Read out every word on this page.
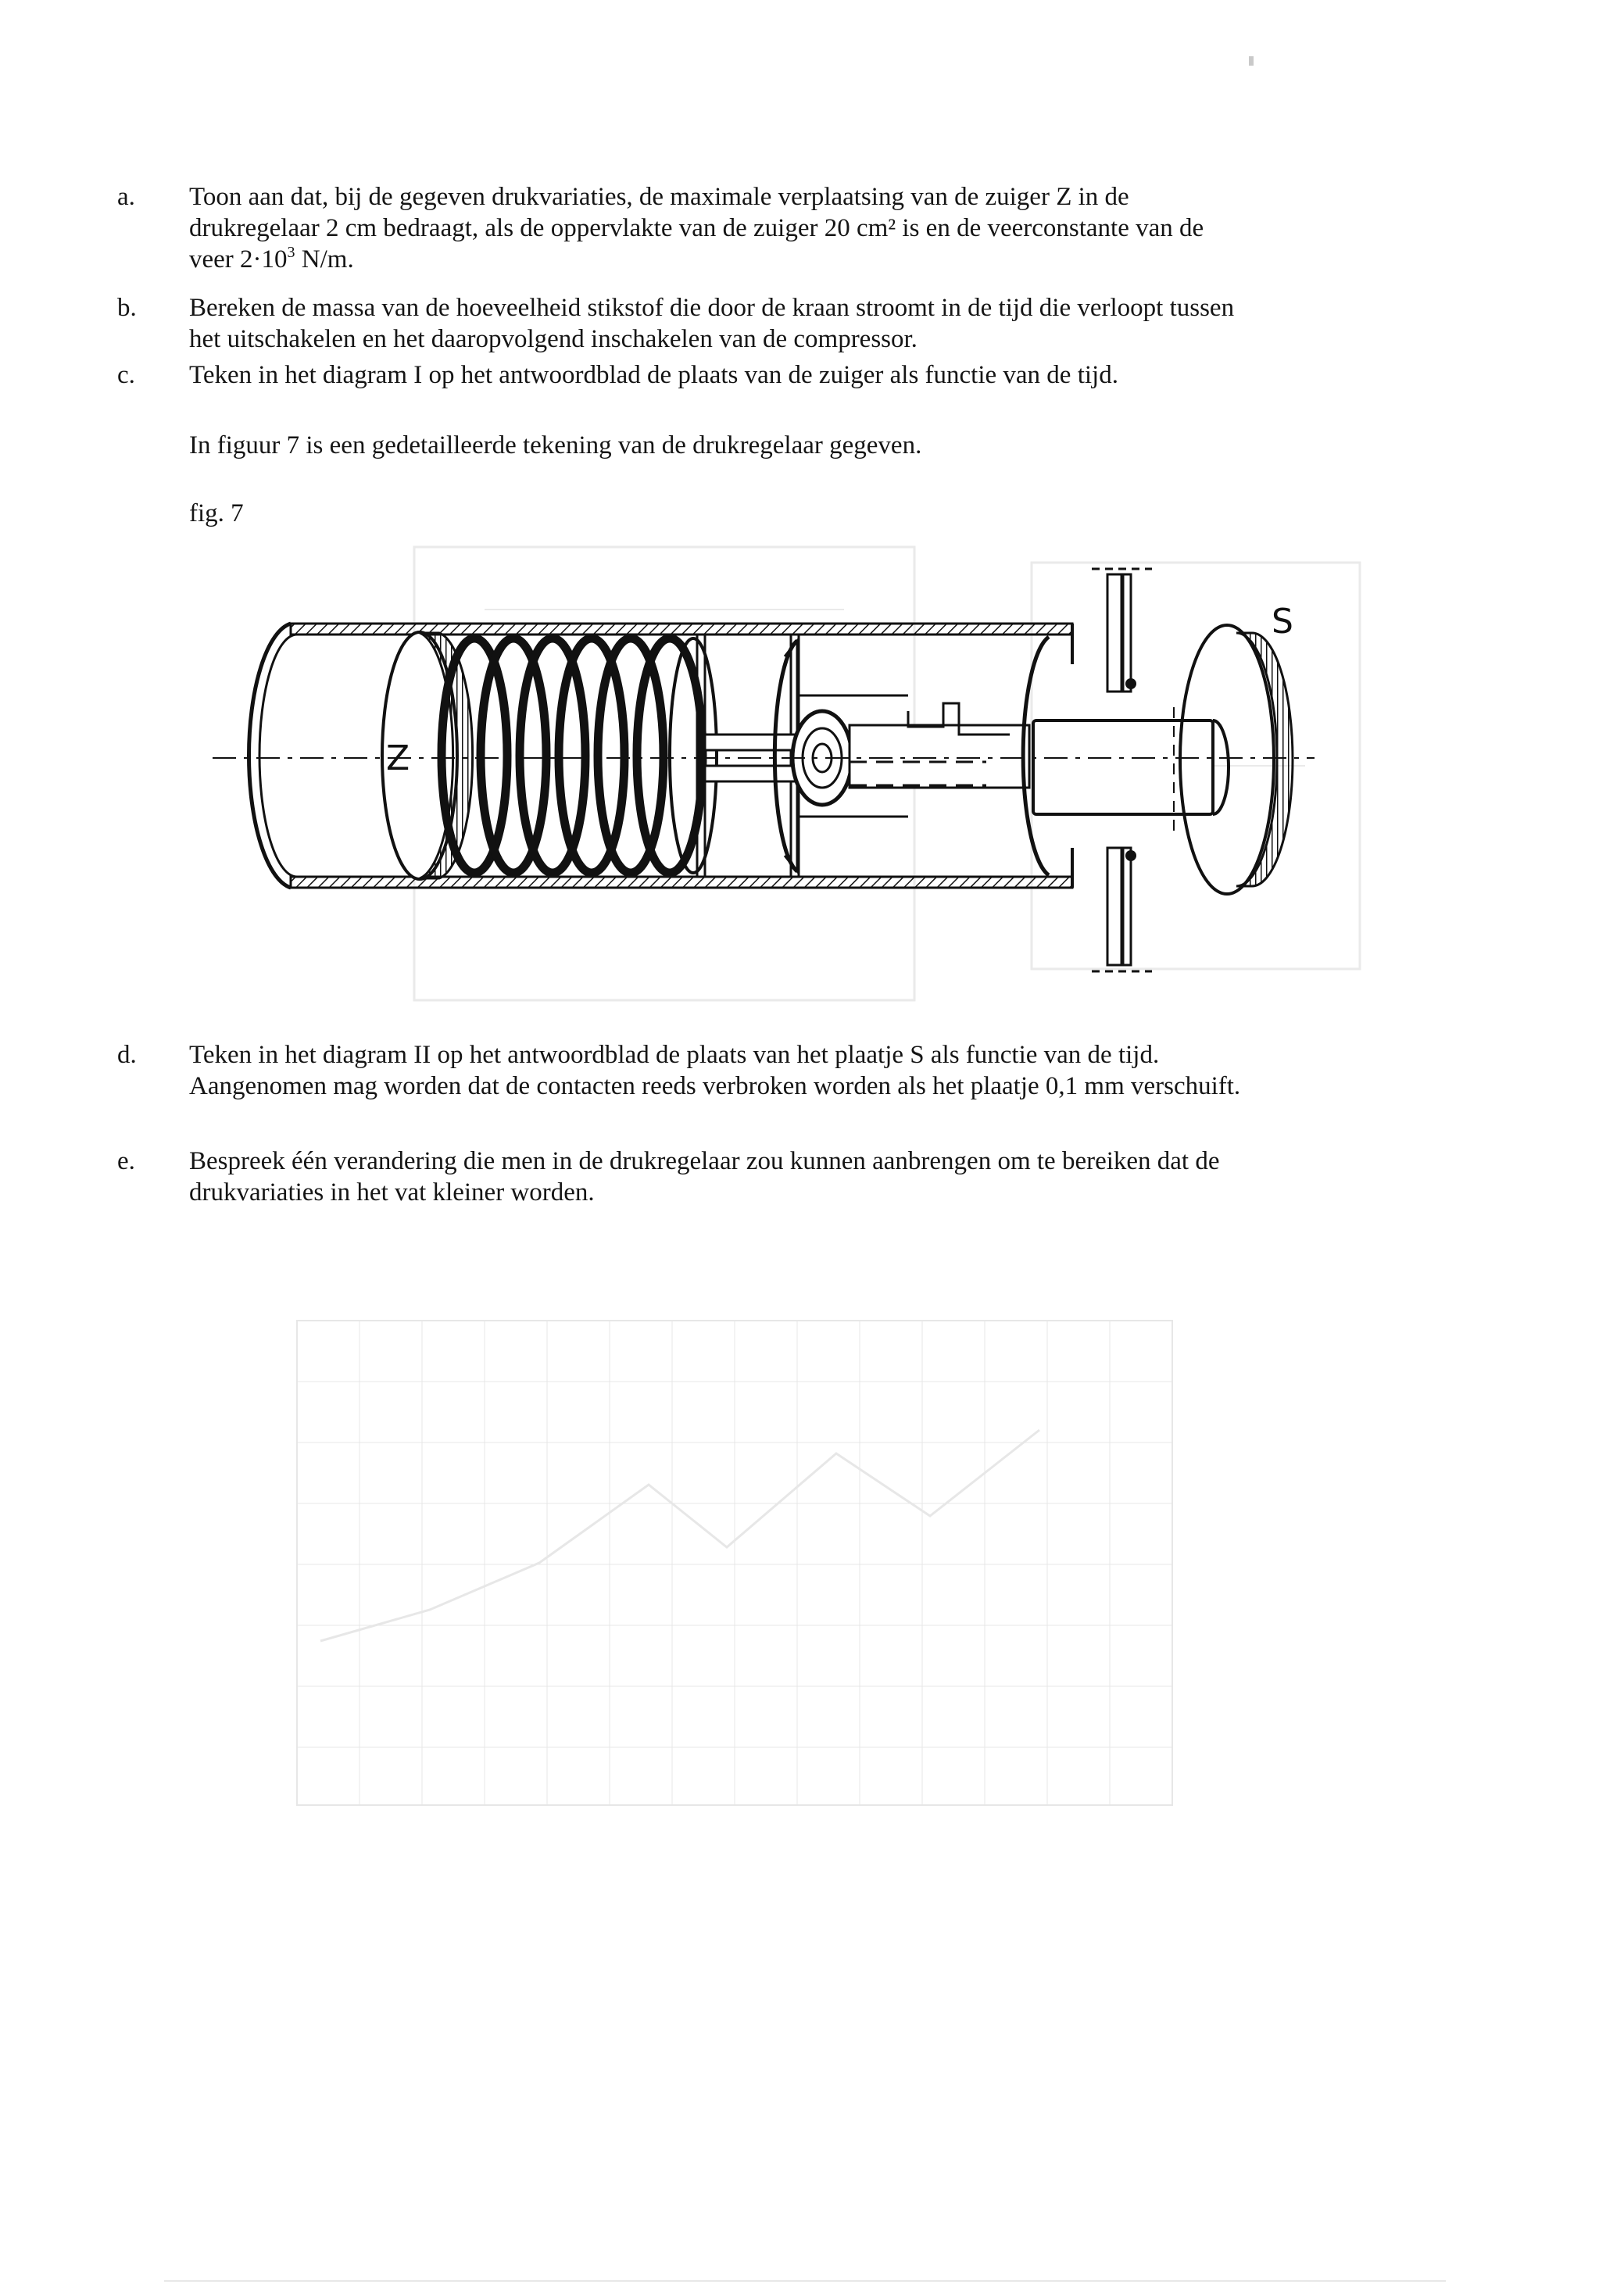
a.	Toon aan dat, bij de gegeven drukvariaties, de maximale verplaatsing van de zuiger Z in de
drukregelaar 2 cm bedraagt, als de oppervlakte van de zuiger 20 cm² is en de veerconstante van de
veer $2\cdot 10^3$ N/m.
b.	Bereken de massa van de hoeveelheid stikstof die door de kraan stroomt in de tijd die verloopt tussen
het uitschakelen en het daaropvolgend inschakelen van de compressor.
c.	Teken in het diagram I op het antwoordblad de plaats van de zuiger als functie van de tijd.
In figuur 7 is een gedetailleerde tekening van de drukregelaar gegeven.
fig. 7
Z
S
d.	Teken in het diagram II op het antwoordblad de plaats van het plaatje S als functie van de tijd.
Aangenomen mag worden dat de contacten reeds verbroken worden als het plaatje 0,1 mm verschuift.
e.	Bespreek één verandering die men in de drukregelaar zou kunnen aanbrengen om te bereiken dat de
drukvariaties in het vat kleiner worden.
